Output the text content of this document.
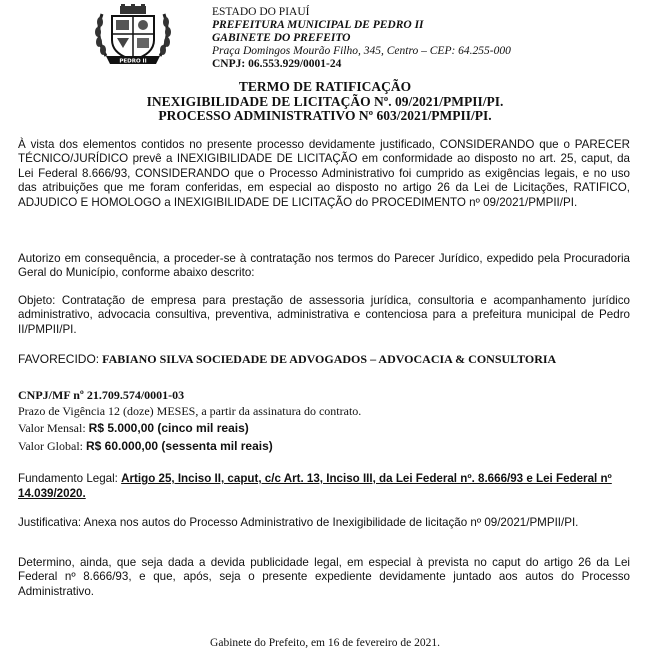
PEDRO II
ESTADO DO PIAUÍ
PREFEITURA MUNICIPAL DE PEDRO II
GABINETE DO PREFEITO
Praça Domingos Mourão Filho, 345, Centro – CEP: 64.255-000
CNPJ: 06.553.929/0001-24
TERMO DE RATIFICAÇÃO
INEXIGIBILIDADE DE LICITAÇÃO Nº. 09/2021/PMPII/PI.
PROCESSO ADMINISTRATIVO Nº 603/2021/PMPII/PI.
À vista dos elementos contidos no presente processo devidamente justificado, CONSIDERANDO que o PARECER TÉCNICO/JURÍDICO prevê a INEXIGIBILIDADE DE LICITAÇÃO em conformidade ao disposto no art. 25, caput, da Lei Federal 8.666/93, CONSIDERANDO que o Processo Administrativo foi cumprido as exigências legais, e no uso das atribuições que me foram conferidas, em especial ao disposto no artigo 26 da Lei de Licitações, RATIFICO, ADJUDICO E HOMOLOGO a INEXIGIBILIDADE DE LICITAÇÃO do PROCEDIMENTO nº 09/2021/PMPII/PI.
Autorizo em consequência, a proceder-se à contratação nos termos do Parecer Jurídico, expedido pela Procuradoria Geral do Município, conforme abaixo descrito:
Objeto: Contratação de empresa para prestação de assessoria jurídica, consultoria e acompanhamento jurídico administrativo, advocacia consultiva, preventiva, administrativa e contenciosa para a prefeitura municipal de Pedro II/PMPII/PI.
FAVORECIDO: FABIANO SILVA SOCIEDADE DE ADVOGADOS – ADVOCACIA & CONSULTORIA
CNPJ/MF nº 21.709.574/0001-03
Prazo de Vigência 12 (doze) MESES, a partir da assinatura do contrato.
Valor Mensal: R$ 5.000,00 (cinco mil reais)
Valor Global: R$ 60.000,00 (sessenta mil reais)
Fundamento Legal: Artigo 25, Inciso II, caput, c/c Art. 13, Inciso III, da Lei Federal nº. 8.666/93 e Lei Federal nº 14.039/2020.
Justificativa: Anexa nos autos do Processo Administrativo de Inexigibilidade de licitação nº 09/2021/PMPII/PI.
Determino, ainda, que seja dada a devida publicidade legal, em especial à prevista no caput do artigo 26 da Lei Federal nº 8.666/93, e que, após, seja o presente expediente devidamente juntado aos autos do Processo Administrativo.
Gabinete do Prefeito, em 16 de fevereiro de 2021.
